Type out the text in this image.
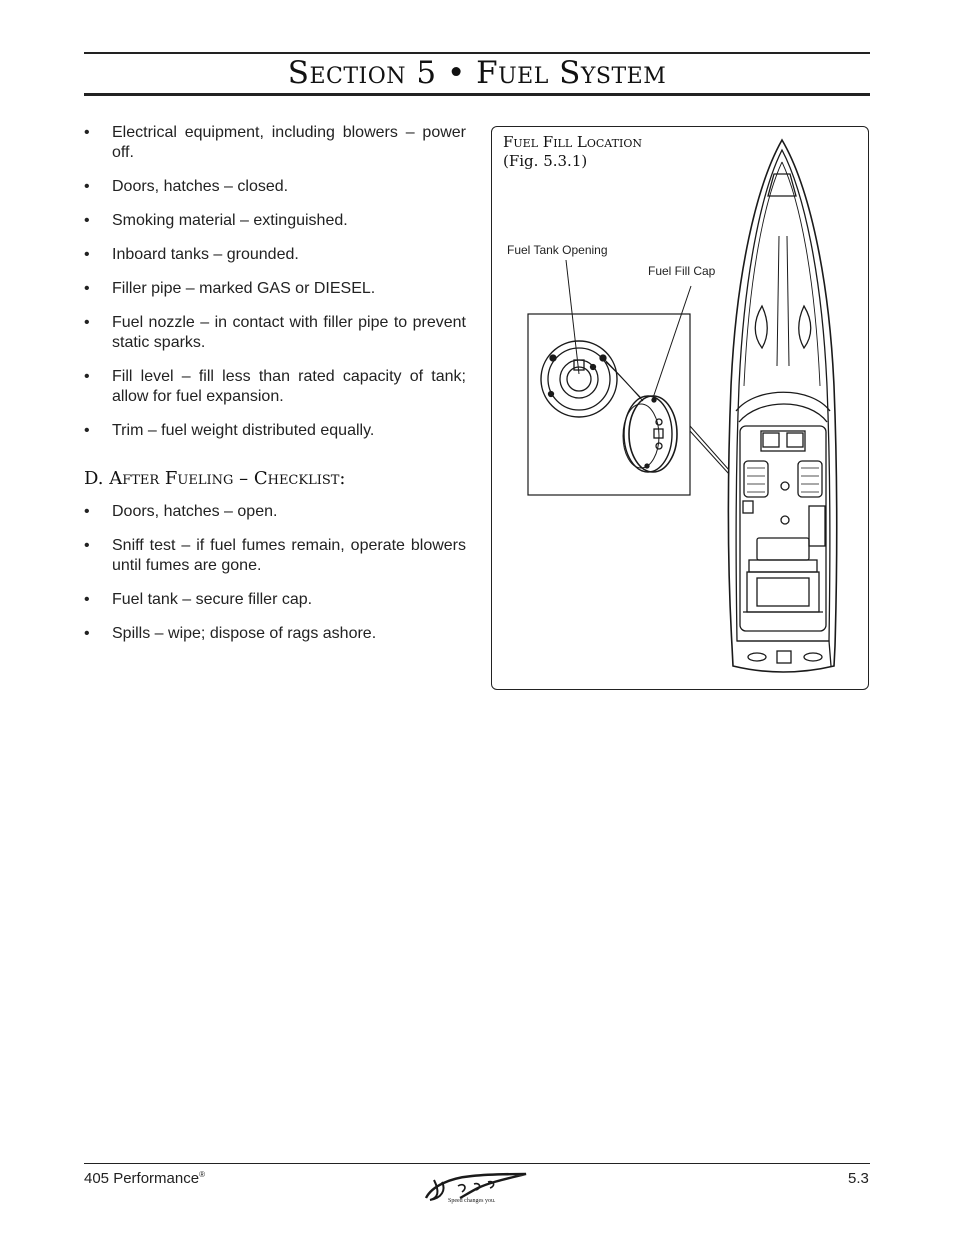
Section 5 • Fuel System
• Electrical equipment, including blowers – power off.
• Doors, hatches – closed.
• Smoking material – extinguished.
• Inboard tanks – grounded.
• Filler pipe – marked GAS or DIESEL.
• Fuel nozzle – in contact with filler pipe to prevent static sparks.
• Fill level – fill less than rated capacity of tank; allow for fuel expansion.
• Trim – fuel weight distributed equally.
D. After Fueling – Checklist:
• Doors, hatches – open.
• Sniff test – if fuel fumes remain, operate blowers until fumes are gone.
• Fuel tank – secure filler cap.
• Spills – wipe; dispose of rags ashore.
Fuel Fill Location
(Fig. 5.3.1)
Fuel Tank Opening
Fuel Fill Cap
405 Performance®
Speed changes you.
5.3
